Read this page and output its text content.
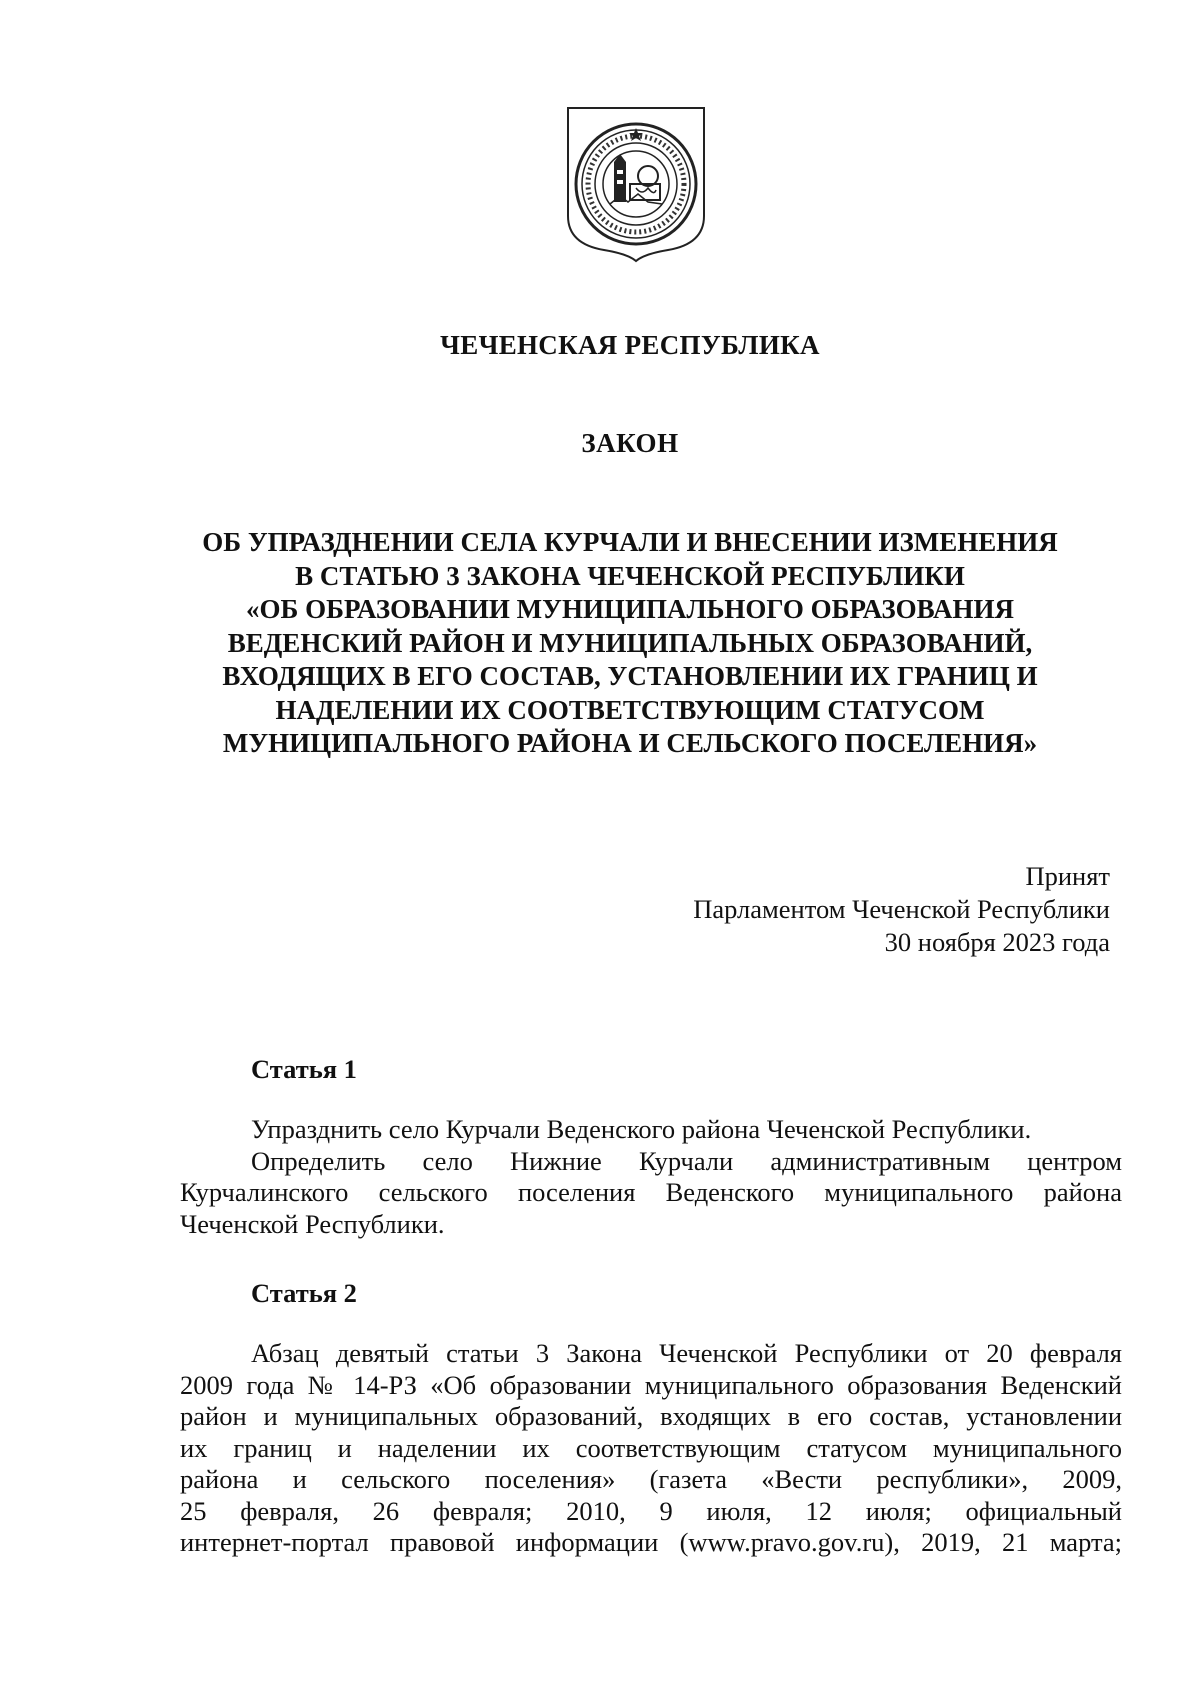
ЧЕЧЕНСКАЯ РЕСПУБЛИКА
ЗАКОН
ОБ УПРАЗДНЕНИИ СЕЛА КУРЧАЛИ И ВНЕСЕНИИ ИЗМЕНЕНИЯ
В СТАТЬЮ 3 ЗАКОНА ЧЕЧЕНСКОЙ РЕСПУБЛИКИ
«ОБ ОБРАЗОВАНИИ МУНИЦИПАЛЬНОГО ОБРАЗОВАНИЯ
ВЕДЕНСКИЙ РАЙОН И МУНИЦИПАЛЬНЫХ ОБРАЗОВАНИЙ,
ВХОДЯЩИХ В ЕГО СОСТАВ, УСТАНОВЛЕНИИ ИХ ГРАНИЦ И
НАДЕЛЕНИИ ИХ СООТВЕТСТВУЮЩИМ СТАТУСОМ
МУНИЦИПАЛЬНОГО РАЙОНА И СЕЛЬСКОГО ПОСЕЛЕНИЯ»
Принят
Парламентом Чеченской Республики
30 ноября 2023 года
Статья 1
Упразднить село Курчали Веденского района Чеченской Республики.
Определить село Нижние Курчали административным центром
Курчалинского сельского поселения Веденского муниципального района
Чеченской Республики.
Статья 2
Абзац девятый статьи 3 Закона Чеченской Республики от 20 февраля
2009 года № 14-РЗ «Об образовании муниципального образования Веденский
район и муниципальных образований, входящих в его состав, установлении
их границ и наделении их соответствующим статусом муниципального
района и сельского поселения» (газета «Вести республики», 2009,
25 февраля, 26 февраля; 2010, 9 июля, 12 июля; официальный
интернет-портал правовой информации (www.pravo.gov.ru), 2019, 21 марта;
